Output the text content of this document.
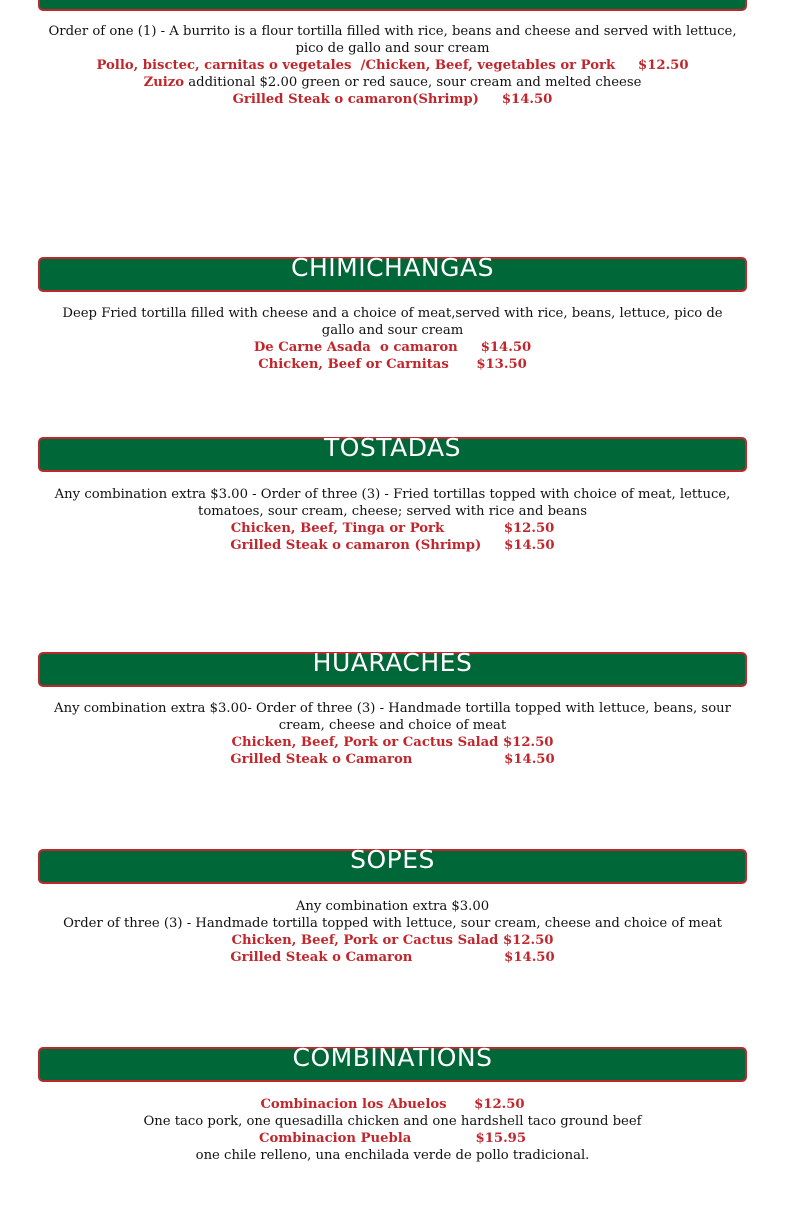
Order of one (1) - A burrito is a flour tortilla filled with rice, beans and cheese and served with lettuce, pico de gallo and sour cream

Pollo, bisctec, carnitas o vegetales  /Chicken, Beef, vegetables or Pork     $12.50

Zuizo additional $2.00 green or red sauce, sour cream and melted cheese

Grilled Steak o camaron(Shrimp)     $14.50

CHIMICHANGAS

Deep Fried tortilla filled with cheese and a choice of meat,served with rice, beans, lettuce, pico de gallo and sour cream

De Carne Asada  o camaron     $14.50

Chicken, Beef or Carnitas      $13.50

TOSTADAS

Any combination extra $3.00 - Order of three (3) - Fried tortillas topped with choice of meat, lettuce, tomatoes, sour cream, cheese; served with rice and beans

Chicken, Beef, Tinga or Pork             $12.50

Grilled Steak o camaron (Shrimp)     $14.50

HUARACHES

Any combination extra $3.00- Order of three (3) - Handmade tortilla topped with lettuce, beans, sour cream, cheese and choice of meat

Chicken, Beef, Pork or Cactus Salad $12.50

Grilled Steak o Camaron                    $14.50

SOPES

Any combination extra $3.00

Order of three (3) - Handmade tortilla topped with lettuce, sour cream, cheese and choice of meat

Chicken, Beef, Pork or Cactus Salad $12.50

Grilled Steak o Camaron                    $14.50

COMBINATIONS

Combinacion los Abuelos      $12.50

One taco pork, one quesadilla chicken and one hardshell taco ground beef

Combinacion Puebla              $15.95

one chile relleno, una enchilada verde de pollo tradicional.
